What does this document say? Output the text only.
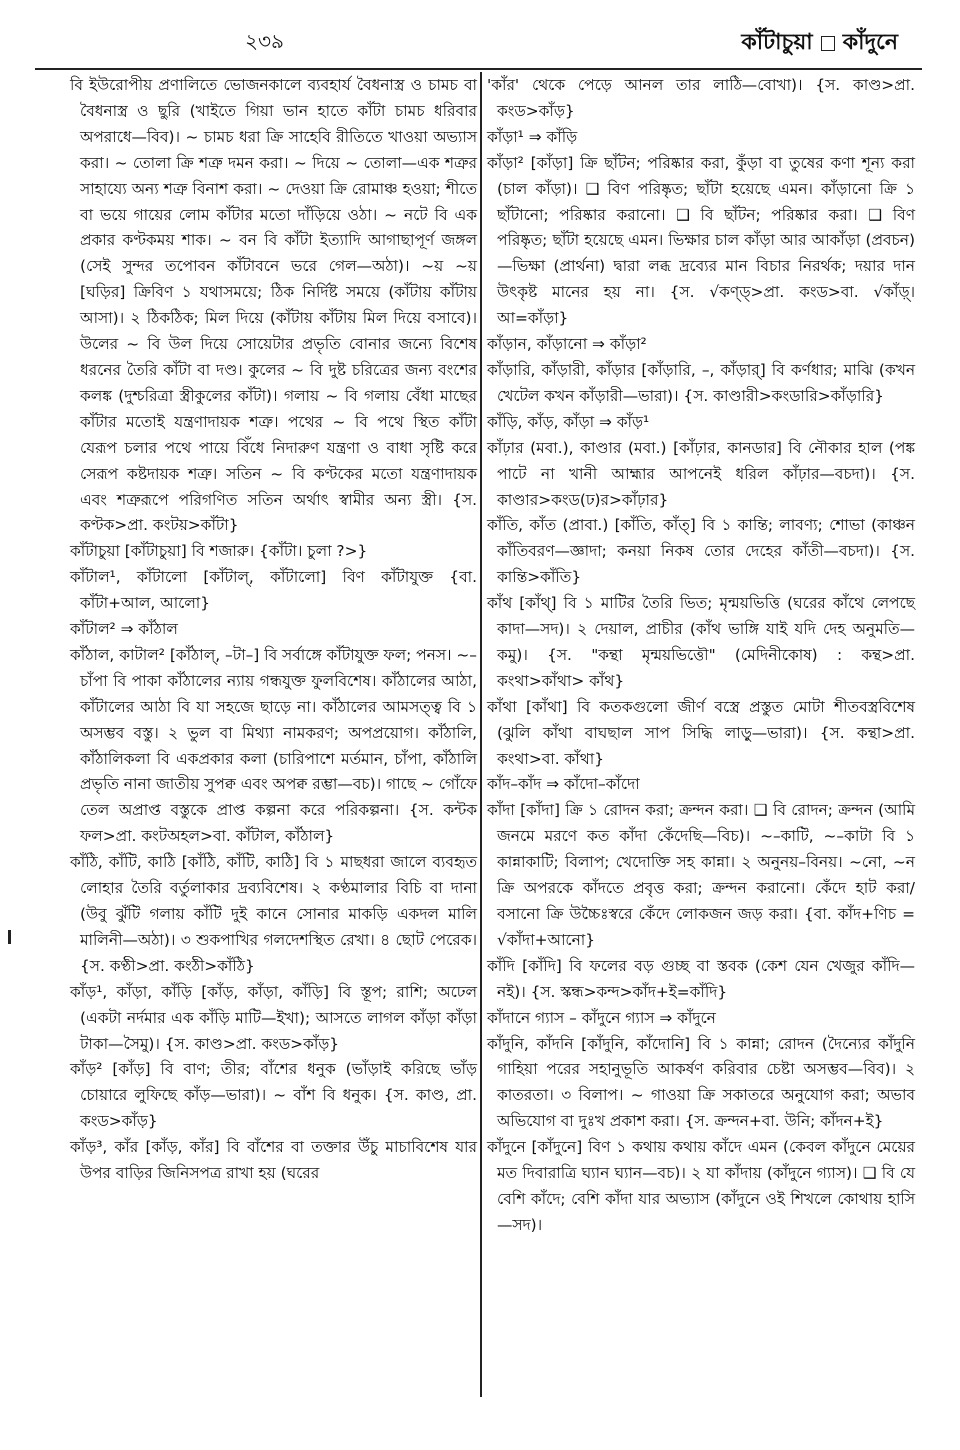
২৩৯	কাঁটাচুয়া কাঁদুনে

বি ইউরোপীয় প্রণালিতে ভোজনকালে ব্যবহার্য বৈধনাস্ত্র ও চামচ বা বৈধনাস্ত্র ও ছুরি (খাইতে গিয়া ভান হাতে কাঁটা চামচ ধরিবার অপরাধে—বিব)। ~ চামচ ধরা ক্রি সাহেবি রীতিতে খাওয়া অভ্যাস করা। ~ তোলা ক্রি শত্রু দমন করা। ~ দিয়ে ~ তোলা—এক শত্রুর সাহায্যে অন্য শত্রু বিনাশ করা। ~ দেওয়া ক্রি রোমাঞ্চ হওয়া; শীতে বা ভয়ে গায়ের লোম কাঁটার মতো দাঁড়িয়ে ওঠা। ~ নটে বি এক প্রকার কণ্টকময় শাক। ~ বন বি কাঁটা ইত্যাদি আগাছাপূর্ণ জঙ্গল (সেই সুন্দর তপোবন কাঁটাবনে ভরে গেল—অঠা)। ~য় ~য় [ঘড়ির] ক্রিবিণ ১ যথাসময়ে; ঠিক নির্দিষ্ট সময়ে (কাঁটায় কাঁটায় আসা)। ২ ঠিকঠিক; মিল দিয়ে (কাঁটায় কাঁটায় মিল দিয়ে বসাবে)। উলের ~ বি উল দিয়ে সোয়েটার প্রভৃতি বোনার জন্যে বিশেষ ধরনের তৈরি কাঁটা বা দণ্ড। কুলের ~ বি দুষ্ট চরিত্রের জন্য বংশের কলঙ্ক (দুশ্চরিত্রা স্ত্রীকুলের কাঁটা)। গলায় ~ বি গলায় বেঁধা মাছের কাঁটার মতোই যন্ত্রণাদায়ক শত্রু। পথের ~ বি পথে স্থিত কাঁটা যেরূপ চলার পথে পায়ে বিঁধে নিদারুণ যন্ত্রণা ও বাধা সৃষ্টি করে সেরূপ কষ্টদায়ক শত্রু। সতিন ~ বি কণ্টকের মতো যন্ত্রণাদায়ক এবং শত্রুরূপে পরিগণিত সতিন অর্থাৎ স্বামীর অন্য স্ত্রী। {স. কণ্টক>প্রা. কংটয়>কাঁটা}

কাঁটাচুয়া [কাঁটাচুয়া] বি শজারু। {কাঁটা। চুলা ?>}

কাঁটাল¹, কাঁটালো [কাঁটাল্, কাঁটালো] বিণ কাঁটাযুক্ত {বা. কাঁটা+আল, আলো}

কাঁটাল² ⇒ কাঁঠাল

কাঁঠাল, কাটাল² [কাঁঠাল্, –টা–] বি সর্বাঙ্গে কাঁটাযুক্ত ফল; পনস। ~–চাঁপা বি পাকা কাঁঠালের ন্যায় গন্ধযুক্ত ফুলবিশেষ। কাঁঠালের আঠা, কাঁটালের আঠা বি যা সহজে ছাড়ে না। কাঁঠালের আমসত্ত্ব বি ১ অসম্ভব বস্তু। ২ ভুল বা মিথ্যা নামকরণ; অপপ্রয়োগ। কাঁঠালি, কাঁঠালিকলা বি একপ্রকার কলা (চারিপাশে মর্তমান, চাঁপা, কাঁঠালি প্রভৃতি নানা জাতীয় সুপক্ব এবং অপক্ব রম্ভা—বচ)। গাছে ~ গোঁফে তেল অপ্রাপ্ত বস্তুকে প্রাপ্ত কল্পনা করে পরিকল্পনা। {স. কন্টক ফল>প্রা. কংটঅহল>বা. কাঁটাল, কাঁঠাল}

কাঁঠি, কাঁটি, কাঠি [কাঁঠি, কাঁটি, কাঠি] বি ১ মাছধরা জালে ব্যবহৃত লোহার তৈরি বর্তুলাকার দ্রব্যবিশেষ। ২ কণ্ঠমালার বিচি বা দানা (উবু ঝুঁটি গলায় কাঁটি দুই কানে সোনার মাকড়ি একদল মালি মালিনী—অঠা)। ৩ শুকপাখির গলদেশস্থিত রেখা। ৪ ছোট পেরেক। {স. কণ্ঠী>প্রা. কংঠী>কাঁঠি}

কাঁড়¹, কাঁড়া, কাঁড়ি [কাঁড়, কাঁড়া, কাঁড়ি] বি স্তূপ; রাশি; অঢেল (একটা নর্দমার এক কাঁড়ি মাটি—ইখা); আসতে লাগল কাঁড়া কাঁড়া টাকা—সৈমু)। {স. কাণ্ড>প্রা. কংড>কাঁড়}

কাঁড়² [কাঁড়] বি বাণ; তীর; বাঁশের ধনুক (ভাঁড়াই করিছে ভাঁড় চোয়ারে লুফিছে কাঁড়—ভারা)। ~ বাঁশ বি ধনুক। {স. কাণ্ড, প্রা. কংড>কাঁড়}

কাঁড়³, কাঁর [কাঁড়, কাঁর] বি বাঁশের বা তক্তার উঁচু মাচাবিশেষ যার উপর বাড়ির জিনিসপত্র রাখা হয় (ঘরের

'কাঁর' থেকে পেড়ে আনল তার লাঠি—বোখা)। {স. কাণ্ড>প্রা. কংড>কাঁড়}

কাঁড়া¹ ⇒ কাঁড়ি

কাঁড়া² [কাঁড়া] ক্রি ছাঁটন; পরিষ্কার করা, কুঁড়া বা তুষের কণা শূন্য করা (চাল কাঁড়া)। ❑ বিণ পরিষ্কৃত; ছাঁটা হয়েছে এমন। কাঁড়ানো ক্রি ১ ছাঁটানো; পরিষ্কার করানো। ❑ বি ছাঁটন; পরিষ্কার করা। ❑ বিণ পরিষ্কৃত; ছাঁটা হয়েছে এমন। ভিক্ষার চাল কাঁড়া আর আকাঁড়া (প্রবচন)—ভিক্ষা (প্রার্থনা) দ্বারা লব্ধ দ্রব্যের মান বিচার নিরর্থক; দয়ার দান উৎকৃষ্ট মানের হয় না। {স. √কণ্ড্>প্রা. কংড>বা. √কাঁড়্। আ=কাঁড়া}

কাঁড়ান, কাঁড়ানো ⇒ কাঁড়া²

কাঁড়ারি, কাঁড়ারী, কাঁড়ার [কাঁড়ারি, –, কাঁড়ার্] বি কর্ণধার; মাঝি (কখন খেটেল কখন কাঁড়ারী—ভারা)। {স. কাণ্ডারী>কংডারি>কাঁড়ারি}

কাঁড়ি, কাঁড়, কাঁড়া ⇒ কাঁড়¹

কাঁঢ়ার (মবা.), কাণ্ডার (মবা.) [কাঁঢ়ার, কানডার] বি নৌকার হাল (পঙ্ক পাটে না খানী আহ্মার আপনেই ধরিল কাঁঢ়ার—বচদা)। {স. কাণ্ডার>কংড(ঢ)র>কাঁঢ়ার}

কাঁতি, কাঁত (প্রাবা.) [কাঁতি, কাঁত্] বি ১ কান্তি; লাবণ্য; শোভা (কাঞ্চন কাঁতিবরণ—জ্ঞাদা; কনয়া নিকষ তোর দেহের কাঁতী—বচদা)। {স. কান্তি>কাঁতি}

কাঁথ [কাঁথ্] বি ১ মাটির তৈরি ভিত; মৃন্ময়ভিত্তি (ঘরের কাঁথে লেপছে কাদা—সদ)। ২ দেয়াল, প্রাচীর (কাঁথ ভাঙ্গি যাই যদি দেহ অনুমতি—কমু)। {স. "কন্থা মৃন্ময়ভিত্তৌ" (মেদিনীকোষ) : কন্থ>প্রা. কংথা>কাঁথা> কাঁথ}

কাঁথা [কাঁথা] বি কতকগুলো জীর্ণ বস্ত্রে প্রস্তুত মোটা শীতবস্ত্রবিশেষ (ঝুলি কাঁথা বাঘছাল সাপ সিদ্ধি লাড়ু—ভারা)। {স. কন্থা>প্রা. কংথা>বা. কাঁথা}

কাঁদ–কাঁদ ⇒ কাঁদো–কাঁদো

কাঁদা [কাঁদা] ক্রি ১ রোদন করা; ক্রন্দন করা। ❑ বি রোদন; ক্রন্দন (আমি জনমে মরণে কত কাঁদা কেঁদেছি—বিচ)। ~–কাটি, ~–কাটা বি ১ কান্নাকাটি; বিলাপ; খেদোক্তি সহ কান্না। ২ অনুনয়–বিনয়। ~নো, ~ন ক্রি অপরকে কাঁদতে প্রবৃত্ত করা; ক্রন্দন করানো। কেঁদে হাট করা/ বসানো ক্রি উচ্চৈঃস্বরে কেঁদে লোকজন জড় করা। {বা. কাঁদ+ণিচ = √কাঁদা+আনো}

কাঁদি [কাঁদি] বি ফলের বড় গুচ্ছ বা স্তবক (কেশ যেন খেজুর কাঁদি—নই)। {স. স্কন্ধ>কন্দ>কাঁদ+ই=কাঁদি}

কাঁদানে গ্যাস – কাঁদুনে গ্যাস ⇒ কাঁদুনে

কাঁদুনি, কাঁদনি [কাঁদুনি, কাঁদোনি] বি ১ কান্না; রোদন (দৈন্যের কাঁদুনি গাহিয়া পরের সহানুভূতি আকর্ষণ করিবার চেষ্টা অসম্ভব—বিব)। ২ কাতরতা। ৩ বিলাপ। ~ গাওয়া ক্রি সকাতরে অনুযোগ করা; অভাব অভিযোগ বা দুঃখ প্রকাশ করা। {স. ক্রন্দন+বা. উনি; কাঁদন+ই}

কাঁদুনে [কাঁদুনে] বিণ ১ কথায় কথায় কাঁদে এমন (কেবল কাঁদুনে মেয়ের মত দিবারাত্রি ঘ্যান ঘ্যান—বচ)। ২ যা কাঁদায় (কাঁদুনে গ্যাস)। ❑ বি যে বেশি কাঁদে; বেশি কাঁদা যার অভ্যাস (কাঁদুনে ওই শিখলে কোথায় হাসি—সদ)।
